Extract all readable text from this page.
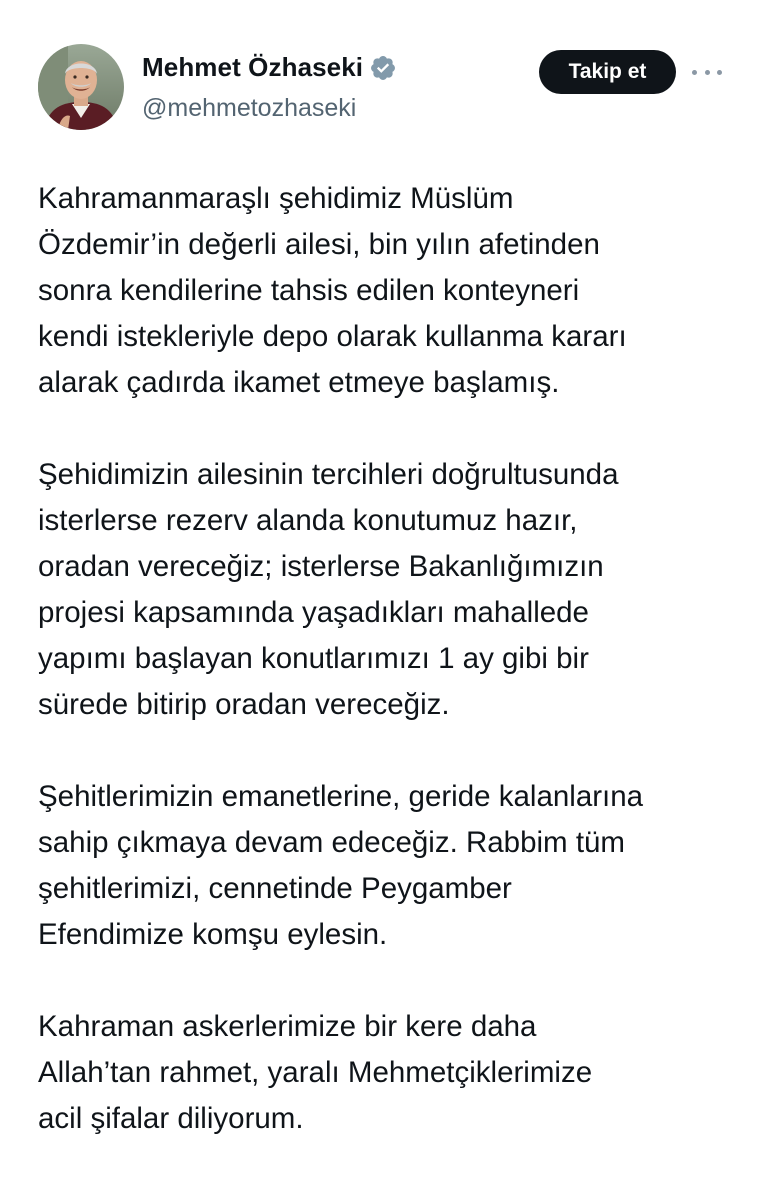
Mehmet Özhaseki
@mehmetozhaseki
Takip et

Kahramanmaraşlı şehidimiz Müslüm
Özdemir’in değerli ailesi, bin yılın afetinden
sonra kendilerine tahsis edilen konteyneri
kendi istekleriyle depo olarak kullanma kararı
alarak çadırda ikamet etmeye başlamış.

Şehidimizin ailesinin tercihleri doğrultusunda
isterlerse rezerv alanda konutumuz hazır,
oradan vereceğiz; isterlerse Bakanlığımızın
projesi kapsamında yaşadıkları mahallede
yapımı başlayan konutlarımızı 1 ay gibi bir
sürede bitirip oradan vereceğiz.

Şehitlerimizin emanetlerine, geride kalanlarına
sahip çıkmaya devam edeceğiz. Rabbim tüm
şehitlerimizi, cennetinde Peygamber
Efendimize komşu eylesin.

Kahraman askerlerimize bir kere daha
Allah’tan rahmet, yaralı Mehmetçiklerimize
acil şifalar diliyorum.
